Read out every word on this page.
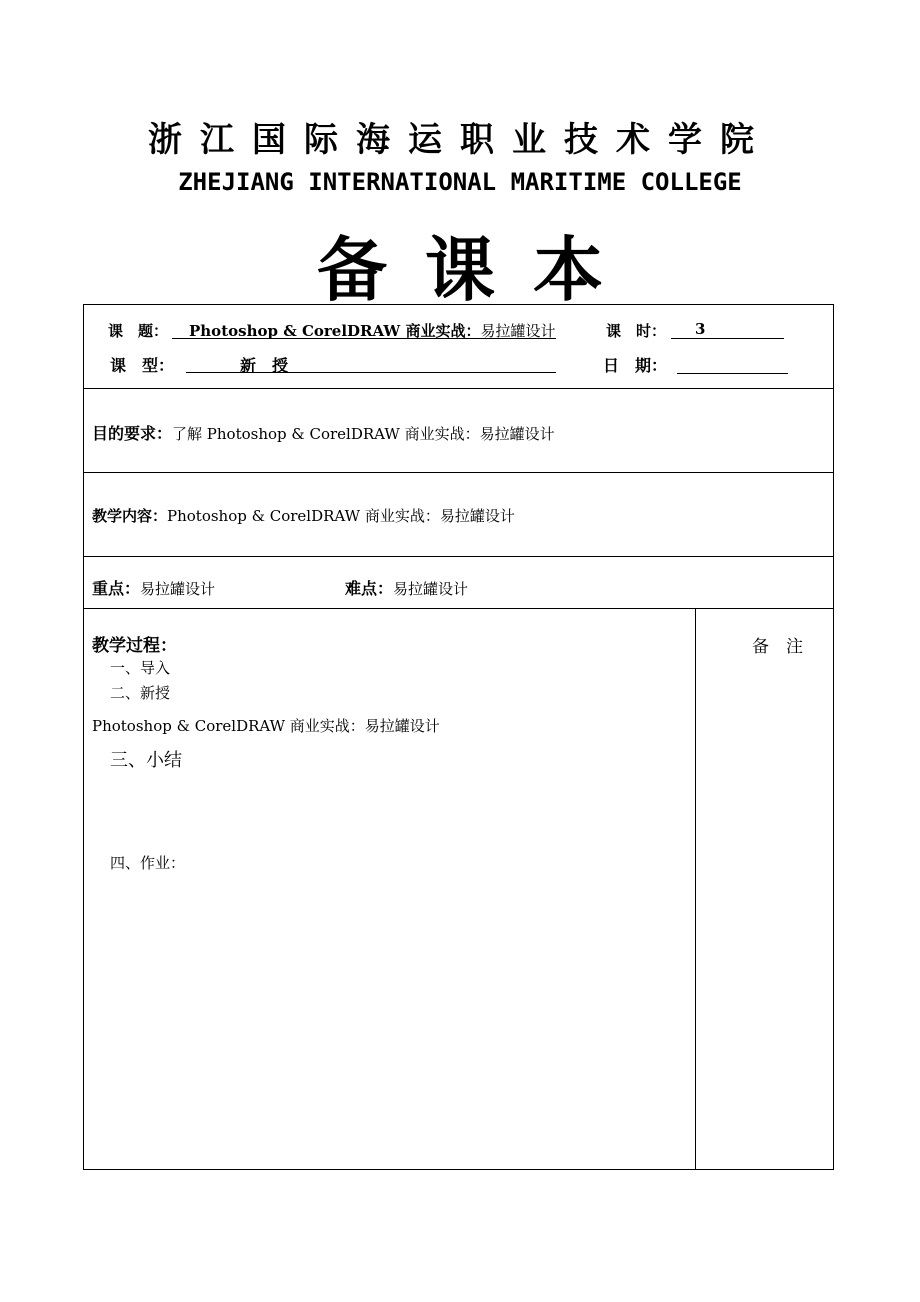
浙江国际海运职业技术学院
ZHEJIANG INTERNATIONAL MARITIME COLLEGE
备课本
课　题：	Photoshop & CorelDRAW 商业实战：易拉罐设计	课　时：	3
课　型：	新　授	日　期：
目的要求：了解 Photoshop & CorelDRAW 商业实战：易拉罐设计
教学内容：Photoshop & CorelDRAW 商业实战：易拉罐设计
重点：易拉罐设计	难点：易拉罐设计
教学过程：
一、导入
二、新授
Photoshop & CorelDRAW 商业实战：易拉罐设计
三、小结
四、作业：
备　注
